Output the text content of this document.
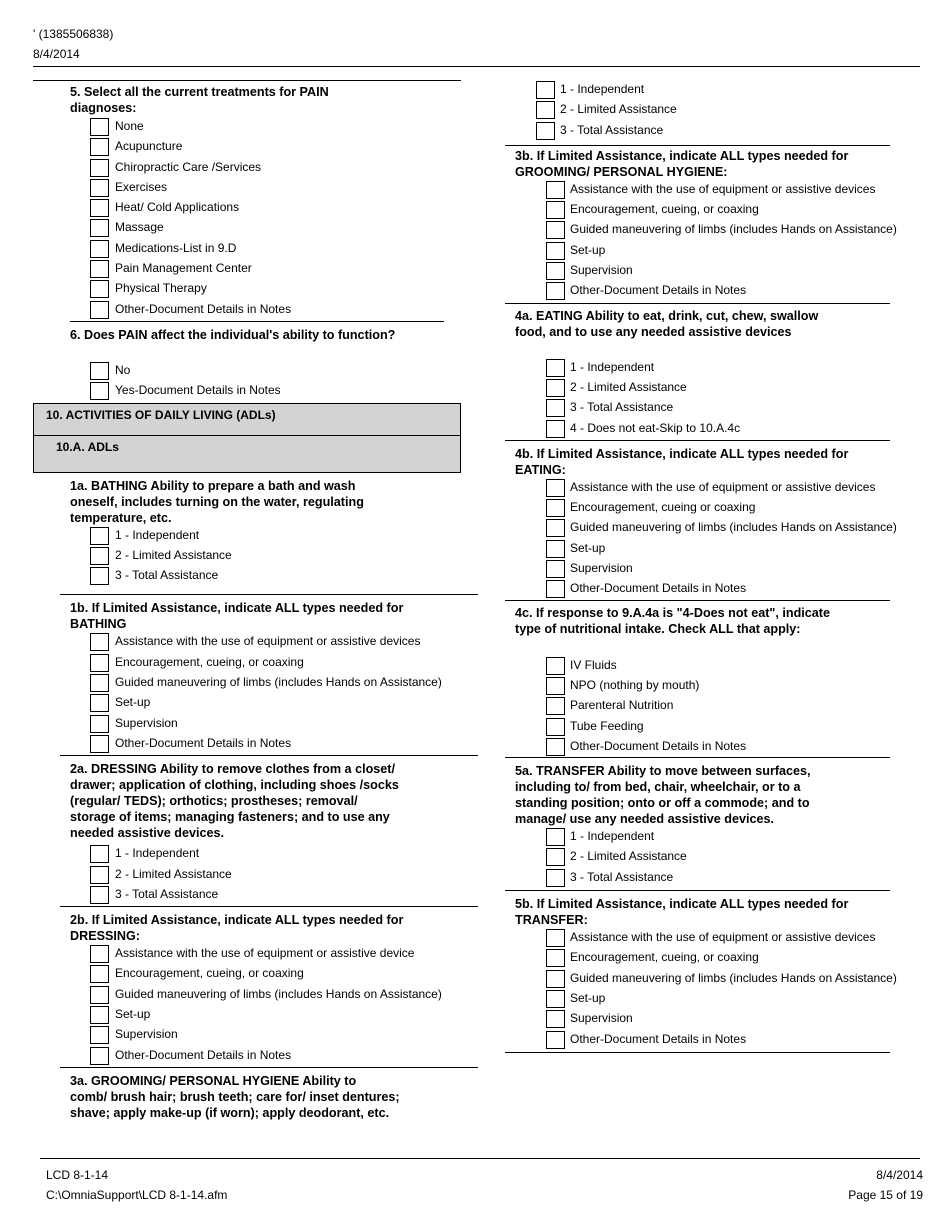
' (1385506838)
8/4/2014
5. Select all the current treatments for PAIN
diagnoses:
None
Acupuncture
Chiropractic Care /Services
Exercises
Heat/ Cold Applications
Massage
Medications-List in 9.D
Pain Management Center
Physical Therapy
Other-Document Details in Notes
6. Does PAIN affect the individual's ability to function?
No
Yes-Document Details in Notes
10. ACTIVITIES OF DAILY LIVING (ADLs)
10.A. ADLs
1a. BATHING Ability to prepare a bath and wash
oneself, includes turning on the water, regulating
temperature, etc.
1 - Independent
2 - Limited Assistance
3 - Total Assistance
1b. If Limited Assistance, indicate ALL types needed for
BATHING
Assistance with the use of equipment or assistive devices
Encouragement, cueing, or coaxing
Guided maneuvering of limbs (includes Hands on Assistance)
Set-up
Supervision
Other-Document Details in Notes
2a. DRESSING Ability to remove clothes from a closet/
drawer; application of clothing, including shoes /socks
(regular/ TEDS); orthotics; prostheses; removal/
storage of items; managing fasteners; and to use any
needed assistive devices.
1 - Independent
2 - Limited Assistance
3 - Total Assistance
2b. If Limited Assistance, indicate ALL types needed for
DRESSING:
Assistance with the use of equipment or assistive device
Encouragement, cueing, or coaxing
Guided maneuvering of limbs (includes Hands on Assistance)
Set-up
Supervision
Other-Document Details in Notes
3a. GROOMING/ PERSONAL HYGIENE Ability to
comb/ brush hair; brush teeth; care for/ inset dentures;
shave; apply make-up (if worn); apply deodorant, etc.
1 - Independent
2 - Limited Assistance
3 - Total Assistance
3b. If Limited Assistance, indicate ALL types needed for
GROOMING/ PERSONAL HYGIENE:
Assistance with the use of equipment or assistive devices
Encouragement, cueing, or coaxing
Guided maneuvering of limbs (includes Hands on Assistance)
Set-up
Supervision
Other-Document Details in Notes
4a. EATING Ability to eat, drink, cut, chew, swallow
food, and to use any needed assistive devices
1 - Independent
2 - Limited Assistance
3 - Total Assistance
4 - Does not eat-Skip to 10.A.4c
4b. If Limited Assistance, indicate ALL types needed for
EATING:
Assistance with the use of equipment or assistive devices
Encouragement, cueing or coaxing
Guided maneuvering of limbs (includes Hands on Assistance)
Set-up
Supervision
Other-Document Details in Notes
4c. If response to 9.A.4a is "4-Does not eat", indicate
type of nutritional intake. Check ALL that apply:
IV Fluids
NPO (nothing by mouth)
Parenteral Nutrition
Tube Feeding
Other-Document Details in Notes
5a. TRANSFER Ability to move between surfaces,
including to/ from bed, chair, wheelchair, or to a
standing position; onto or off a commode; and to
manage/ use any needed assistive devices.
1 - Independent
2 - Limited Assistance
3 - Total Assistance
5b. If Limited Assistance, indicate ALL types needed for
TRANSFER:
Assistance with the use of equipment or assistive devices
Encouragement, cueing, or coaxing
Guided maneuvering of limbs (includes Hands on Assistance)
Set-up
Supervision
Other-Document Details in Notes
LCD 8-1-14
C:\OmniaSupport\LCD 8-1-14.afm
8/4/2014
Page 15 of 19
